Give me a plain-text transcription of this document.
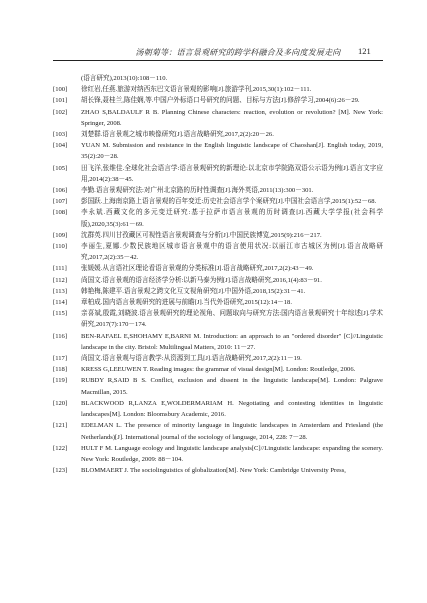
汤朝菊等：语言景观研究的跨学科融合及多向度发展走向	121
(语言研究),2013(10):108－110.
[100]	徐红岩,任燕.旅游对纳西东巴文语言景观的影响[J].旅游学刊,2015,30(1):102－111.
[101]	胡长锋,聂桂兰,陈佳娴,等.中国户外标语口号研究的问题、目标与方法[J].修辞学习,2004(6):26－29.
[102]	ZHAO S,BALDAULF R B. Planning Chinese characters: reaction, evolution or revolution? [M]. New York: Springer, 2008.
[103]	刘楚群.语言景观之城市映像研究[J].语言战略研究,2017,2(2):20－26.
[104]	YUAN M. Submission and resistance in the English linguistic landscape of Chaoshan[J]. English today, 2019, 35(2):20－28.
[105]	田飞洋,张维佳.全球化社会语言学:语言景观研究的新理论:以北京市学院路双语公示语为例[J].语言文字应用,2014(2):38－45.
[106]	李勤.语言景观研究法:对广州北京路的历时性调查[J].海外英语,2011(13):300－301.
[107]	彭国跃.上海南京路上语言景观的百年变迁:历史社会语言学个案研究[J].中国社会语言学,2015(1):52－68.
[108]	李永斌.西藏文化的多元变迁研究:基于拉萨市语言景观的历时调查[J].西藏大学学报(社会科学版),2020,35(3):61－69.
[109]	沈群英.四川甘孜藏区可视性语言景观调查与分析[J].中国民族博览,2015(9):216－217.
[110]	李丽生,夏娜.少数民族地区城市语言景观中的语言使用状况:以丽江市古城区为例[J].语言战略研究,2017,2(2):35－42.
[111]	张媛媛.从言语社区理论看语言景观的分类标准[J].语言战略研究,2017,2(2):43－49.
[112]	尚国文.语言景观的语言经济学分析:以新马泰为例[J].语言战略研究,2016,1(4):83－91.
[113]	韩艳梅,陈建平.语言景观之跨文化互文视角研究[J].中国外语,2018,15(2):31－41.
[114]	章柏成.国内语言景观研究的进展与前瞻[J].当代外语研究,2015(12):14－18.
[115]	亲喜斌,殷霞,刘晓波.语言景观研究的理论视角、问题取向与研究方法:国内语言景观研究十年综述[J].学术研究,2017(7):170－174.
[116]	BEN-RAFAEL E,SHOHAMY E,BARNI M. Introduction: an approach to an "ordered disorder" [C]//Linguistic landscape in the city. Bristol: Multilingual Matters, 2010: 11－27.
[117]	尚国文.语言景观与语言教学:从资源到工具[J].语言战略研究,2017,2(2):11－19.
[118]	KRESS G,LEEUWEN T. Reading images: the grammar of visual design[M]. London: Routledge, 2006.
[119]	RUBDY R,SAID B S. Conflict, exclusion and dissent in the linguistic landscape[M]. London: Palgrave Macmillan, 2015.
[120]	BLACKWOOD R,LANZA E,WOLDERMARIAM H. Negotiating and contesting identities in linguistic landscapes[M]. London: Bloomsbury Academic, 2016.
[121]	EDELMAN L. The presence of minority language in linguistic landscapes in Amsterdam and Friesland (the Netherlands)[J]. International journal of the sociology of language, 2014, 228: 7－28.
[122]	HULT F M. Language ecology and linguistic landscape analysis[C]//Linguistic landscape: expanding the scenery. New York: Routledge, 2009: 88－104.
[123]	BLOMMAERT J. The sociolinguistics of globalization[M]. New York: Cambridge University Press,
